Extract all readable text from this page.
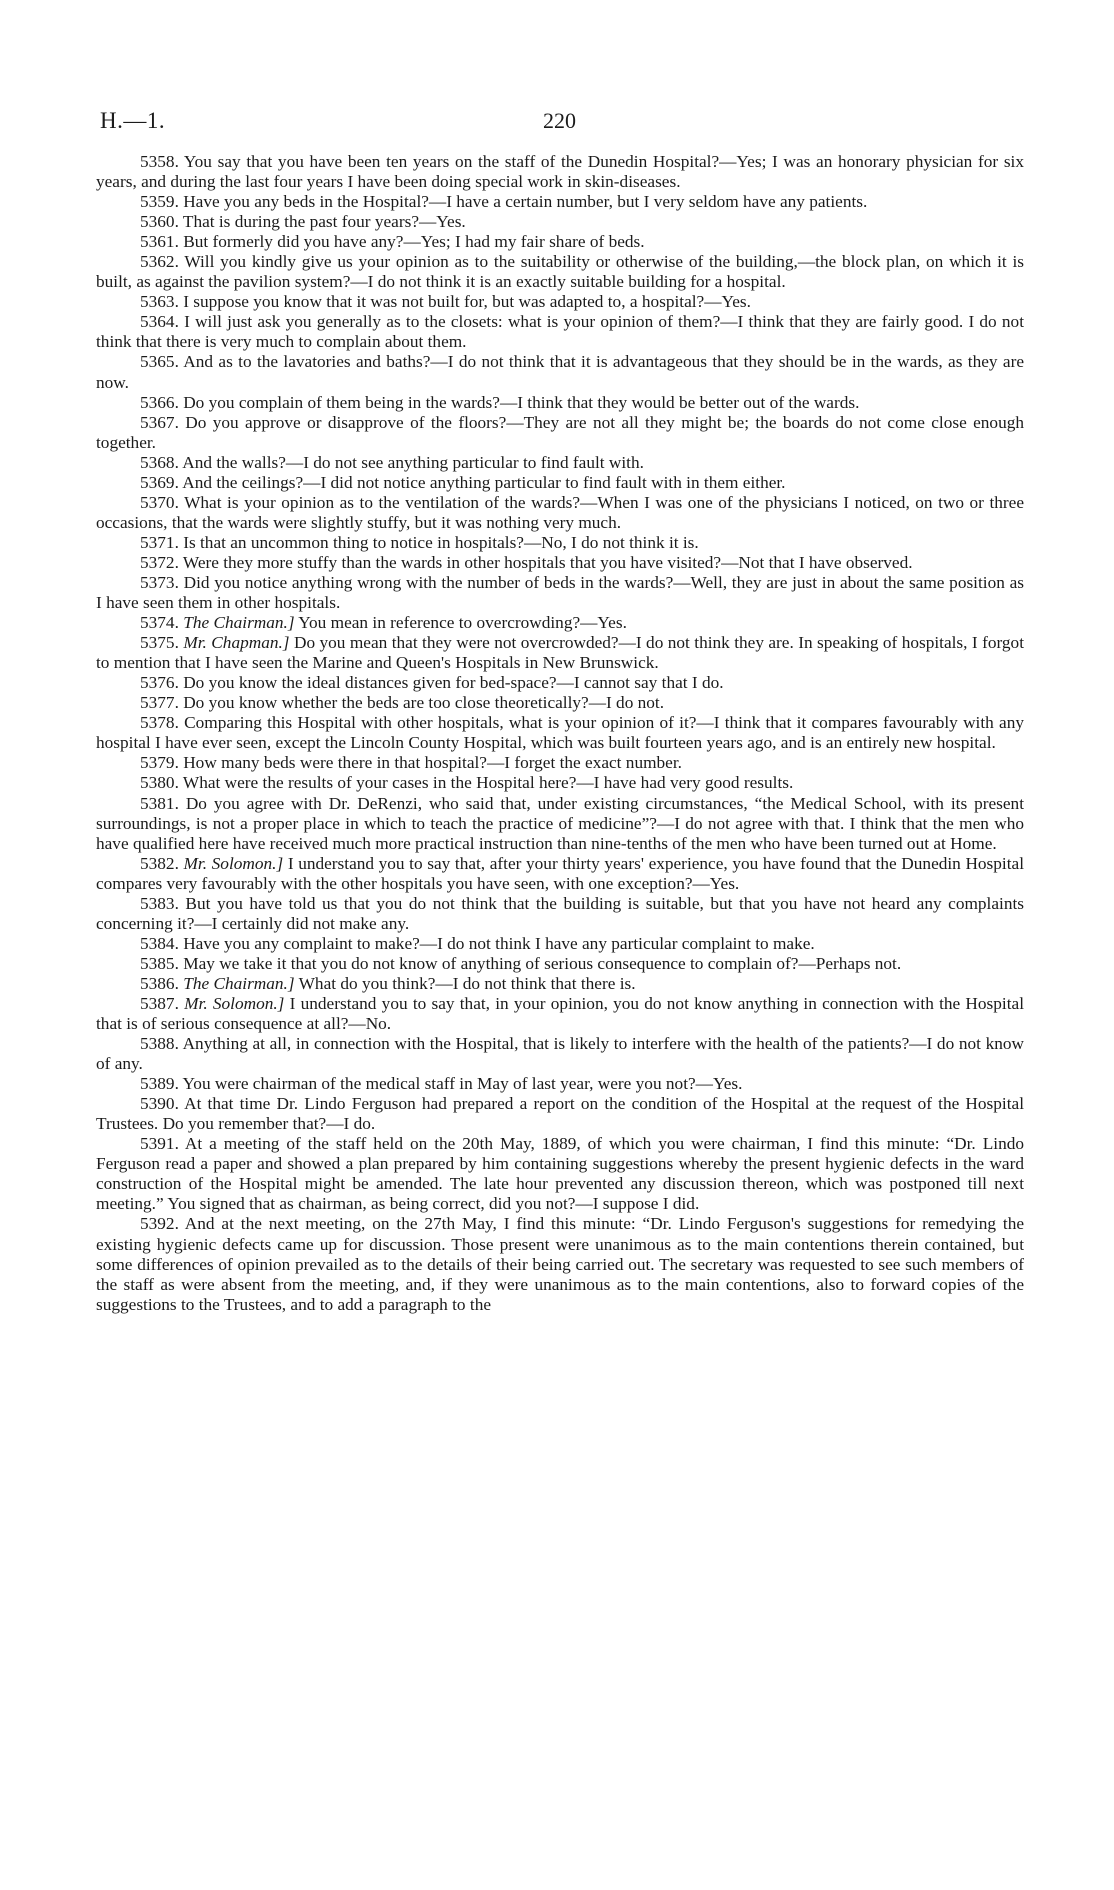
H.—1.	220

5358. You say that you have been ten years on the staff of the Dunedin Hospital?—Yes; I was an honorary physician for six years, and during the last four years I have been doing special work in skin-diseases.

5359. Have you any beds in the Hospital?—I have a certain number, but I very seldom have any patients.

5360. That is during the past four years?—Yes.

5361. But formerly did you have any?—Yes; I had my fair share of beds.

5362. Will you kindly give us your opinion as to the suitability or otherwise of the building,—the block plan, on which it is built, as against the pavilion system?—I do not think it is an exactly suitable building for a hospital.

5363. I suppose you know that it was not built for, but was adapted to, a hospital?—Yes.

5364. I will just ask you generally as to the closets: what is your opinion of them?—I think that they are fairly good. I do not think that there is very much to complain about them.

5365. And as to the lavatories and baths?—I do not think that it is advantageous that they should be in the wards, as they are now.

5366. Do you complain of them being in the wards?—I think that they would be better out of the wards.

5367. Do you approve or disapprove of the floors?—They are not all they might be; the boards do not come close enough together.

5368. And the walls?—I do not see anything particular to find fault with.

5369. And the ceilings?—I did not notice anything particular to find fault with in them either.

5370. What is your opinion as to the ventilation of the wards?—When I was one of the physicians I noticed, on two or three occasions, that the wards were slightly stuffy, but it was nothing very much.

5371. Is that an uncommon thing to notice in hospitals?—No, I do not think it is.

5372. Were they more stuffy than the wards in other hospitals that you have visited?—Not that I have observed.

5373. Did you notice anything wrong with the number of beds in the wards?—Well, they are just in about the same position as I have seen them in other hospitals.

5374. The Chairman.] You mean in reference to overcrowding?—Yes.

5375. Mr. Chapman.] Do you mean that they were not overcrowded?—I do not think they are. In speaking of hospitals, I forgot to mention that I have seen the Marine and Queen's Hospitals in New Brunswick.

5376. Do you know the ideal distances given for bed-space?—I cannot say that I do.

5377. Do you know whether the beds are too close theoretically?—I do not.

5378. Comparing this Hospital with other hospitals, what is your opinion of it?—I think that it compares favourably with any hospital I have ever seen, except the Lincoln County Hospital, which was built fourteen years ago, and is an entirely new hospital.

5379. How many beds were there in that hospital?—I forget the exact number.

5380. What were the results of your cases in the Hospital here?—I have had very good results.

5381. Do you agree with Dr. DeRenzi, who said that, under existing circumstances, “the Medical School, with its present surroundings, is not a proper place in which to teach the practice of medicine”?—I do not agree with that. I think that the men who have qualified here have received much more practical instruction than nine-tenths of the men who have been turned out at Home.

5382. Mr. Solomon.] I understand you to say that, after your thirty years' experience, you have found that the Dunedin Hospital compares very favourably with the other hospitals you have seen, with one exception?—Yes.

5383. But you have told us that you do not think that the building is suitable, but that you have not heard any complaints concerning it?—I certainly did not make any.

5384. Have you any complaint to make?—I do not think I have any particular complaint to make.

5385. May we take it that you do not know of anything of serious consequence to complain of?—Perhaps not.

5386. The Chairman.] What do you think?—I do not think that there is.

5387. Mr. Solomon.] I understand you to say that, in your opinion, you do not know anything in connection with the Hospital that is of serious consequence at all?—No.

5388. Anything at all, in connection with the Hospital, that is likely to interfere with the health of the patients?—I do not know of any.

5389. You were chairman of the medical staff in May of last year, were you not?—Yes.

5390. At that time Dr. Lindo Ferguson had prepared a report on the condition of the Hospital at the request of the Hospital Trustees. Do you remember that?—I do.

5391. At a meeting of the staff held on the 20th May, 1889, of which you were chairman, I find this minute: “Dr. Lindo Ferguson read a paper and showed a plan prepared by him containing suggestions whereby the present hygienic defects in the ward construction of the Hospital might be amended. The late hour prevented any discussion thereon, which was postponed till next meeting.” You signed that as chairman, as being correct, did you not?—I suppose I did.

5392. And at the next meeting, on the 27th May, I find this minute: “Dr. Lindo Ferguson's suggestions for remedying the existing hygienic defects came up for discussion. Those present were unanimous as to the main contentions therein contained, but some differences of opinion prevailed as to the details of their being carried out. The secretary was requested to see such members of the staff as were absent from the meeting, and, if they were unanimous as to the main contentions, also to forward copies of the suggestions to the Trustees, and to add a paragraph to the
